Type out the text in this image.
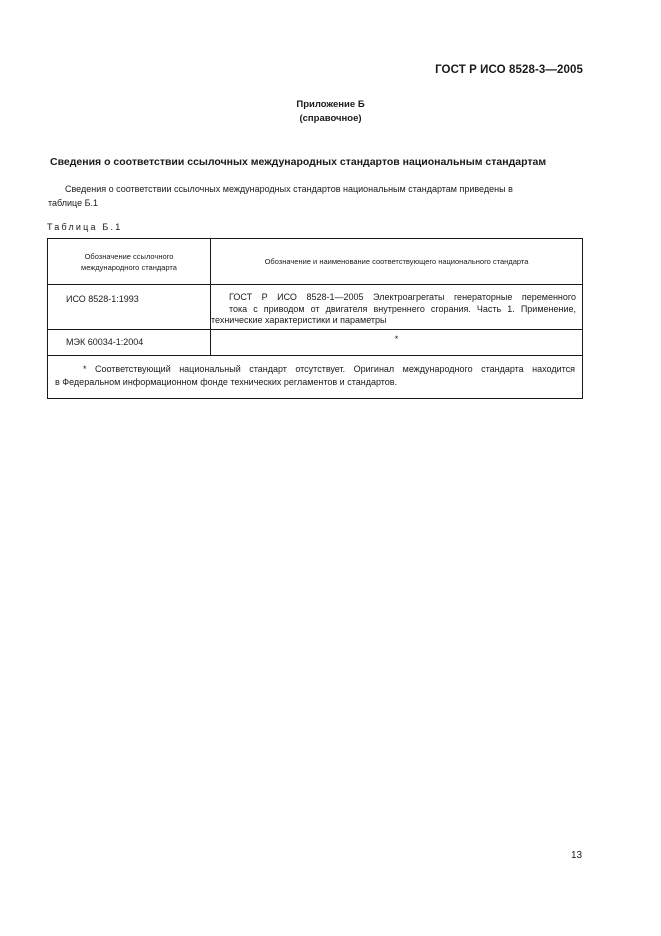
ГОСТ Р ИСО 8528-3—2005
Приложение Б
(справочное)
Сведения о соответствии ссылочных международных стандартов национальным стандартам
Сведения о соответствии ссылочных международных стандартов национальным стандартам приведены в
таблице Б.1
Таблица Б.1
Обозначение ссылочного
международного стандарта
Обозначение и наименование соответствующего национального стандарта
ИСО 8528-1:1993	ГОСТ Р ИСО 8528-1—2005 Электроагрегаты генераторные переменного
тока с приводом от двигателя внутреннего сгорания. Часть 1. Применение,
технические характеристики и параметры
МЭК 60034-1:2004	*
* Соответствующий национальный стандарт отсутствует. Оригинал международного стандарта находится
в Федеральном информационном фонде технических регламентов и стандартов.
13
